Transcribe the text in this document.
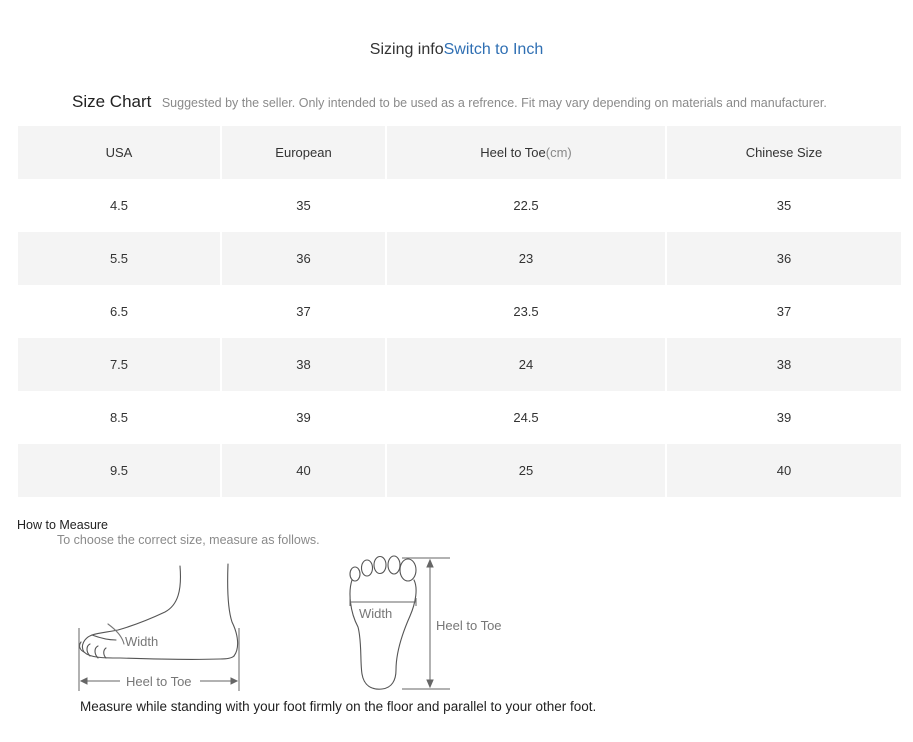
Sizing infoSwitch to Inch
Size Chart Suggested by the seller. Only intended to be used as a refrence. Fit may vary depending on materials and manufacturer.
USA	European	Heel to Toe(cm)	Chinese Size
4.5	35	22.5	35
5.5	36	23	36
6.5	37	23.5	37
7.5	38	24	38
8.5	39	24.5	39
9.5	40	25	40
How to Measure
To choose the correct size, measure as follows.
Width
Heel to Toe
Width
Heel to Toe
Measure while standing with your foot firmly on the floor and parallel to your other foot.
